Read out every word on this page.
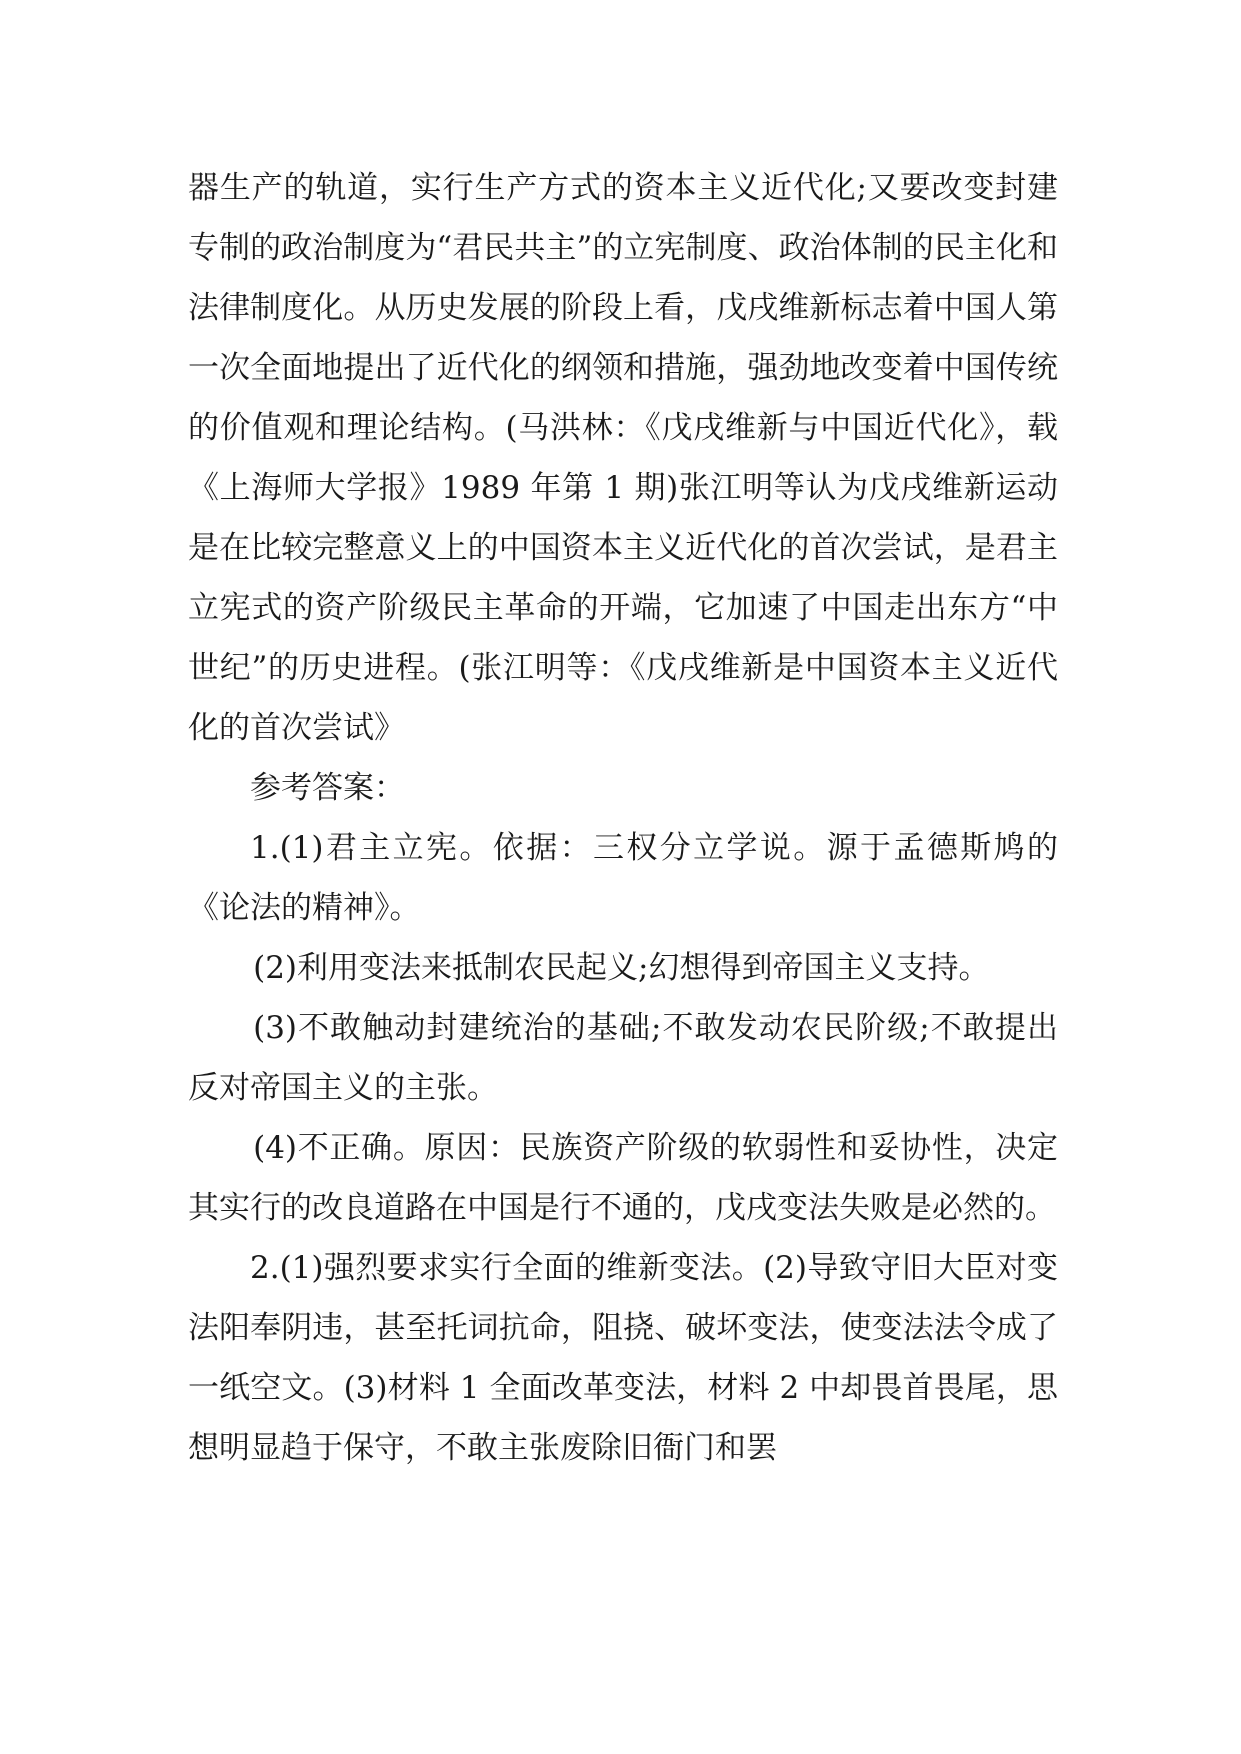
器生产的轨道，实行生产方式的资本主义近代化;又要改变封建专制的政治制度为“君民共主”的立宪制度、政治体制的民主化和法律制度化。从历史发展的阶段上看，戊戌维新标志着中国人第一次全面地提出了近代化的纲领和措施，强劲地改变着中国传统的价值观和理论结构。(马洪林：《戊戌维新与中国近代化》，载《上海师大学报》1989 年第 1 期)张江明等认为戊戌维新运动是在比较完整意义上的中国资本主义近代化的首次尝试，是君主立宪式的资产阶级民主革命的开端，它加速了中国走出东方“中世纪”的历史进程。(张江明等：《戊戌维新是中国资本主义近代化的首次尝试》

参考答案：

1.(1)君主立宪。依据：三权分立学说。源于孟德斯鸠的《论法的精神》。

(2)利用变法来抵制农民起义;幻想得到帝国主义支持。

(3)不敢触动封建统治的基础;不敢发动农民阶级;不敢提出反对帝国主义的主张。

(4)不正确。原因：民族资产阶级的软弱性和妥协性，决定其实行的改良道路在中国是行不通的，戊戌变法失败是必然的。

2.(1)强烈要求实行全面的维新变法。(2)导致守旧大臣对变法阳奉阴违，甚至托词抗命，阻挠、破坏变法，使变法法令成了一纸空文。(3)材料 1 全面改革变法，材料 2 中却畏首畏尾，思想明显趋于保守，不敢主张废除旧衙门和罢
